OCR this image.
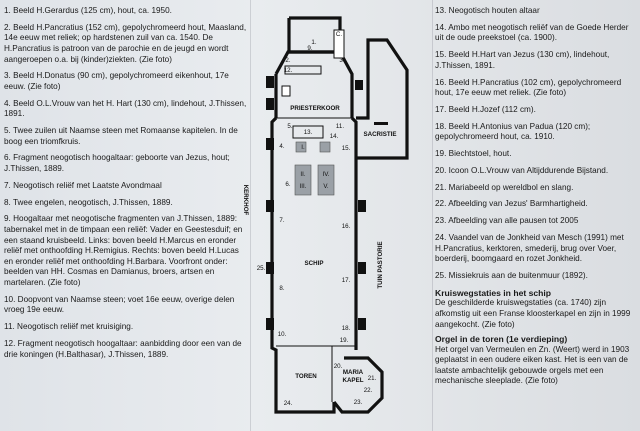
1. Beeld H.Gerardus (125 cm), hout, ca. 1950.

2. Beeld H.Pancratius (152 cm), gepolychromeerd hout, Maasland, 14e eeuw met reliek; op hardstenen zuil van ca. 1540. De H.Pancratius is patroon van de parochie en de jeugd en wordt aangeroepen o.a. bij (kinder)ziekten. (Zie foto)

3. Beeld H.Donatus (90 cm), gepolychromeerd eikenhout, 17e eeuw. (Zie foto)

4. Beeld O.L.Vrouw van het H. Hart (130 cm), lindehout, J.Thissen, 1891.

5. Twee zuilen uit Naamse steen met Romaanse kapitelen. In de boog een triomfkruis.

6. Fragment neogotisch hoogaltaar: geboorte van Jezus, hout; J.Thissen, 1889.

7. Neogotisch reliëf met Laatste Avondmaal

8. Twee engelen, neogotisch, J.Thissen, 1889.

9. Hoogaltaar met neogotische fragmenten van J.Thissen, 1889: tabernakel met in de timpaan een reliëf: Vader en Geestesduif; en een staand kruisbeeld. Links: boven beeld H.Marcus en eronder reliëf met onthoofding H.Remigius. Rechts: boven beeld H.Lucas en eronder reliëf met onthoofding H.Barbara. Voorfront onder: beelden van HH. Cosmas en Damianus, broers, artsen en martelaren. (Zie foto)

10. Doopvont van Naamse steen; voet 16e eeuw, overige delen vroeg 19e eeuw.

11. Neogotisch reliëf met kruisiging.

12. Fragment neogotisch hoogaltaar: aanbidding door een van de drie koningen (H.Balthasar), J.Thissen, 1889.

PRIESTERKOOR
SACRISTIE
SCHIP
TOREN
MARIA
KAPEL
KERKHOF
TUIN PASTORIE
1.
2.	3.
4.
5.
6.
7.
8.
9.
10.
11.
12.
13.
14.
15.
16.
17.
18.
19.
20.
21.
22.
23.
24.
25.
I.
II.
III.
IV.
V.
C.

13. Neogotisch houten altaar

14. Ambo met neogotisch reliëf van de Goede Herder uit de oude preekstoel (ca. 1900).

15. Beeld H.Hart van Jezus (130 cm), lindehout, J.Thissen, 1891.

16. Beeld H.Pancratius (102 cm), gepolychromeerd hout, 17e eeuw met reliek. (Zie foto)

17. Beeld H.Jozef (112 cm).

18. Beeld H.Antonius van Padua (120 cm); gepolychromeerd hout, ca. 1910.

19. Biechtstoel, hout.

20. Icoon O.L.Vrouw van Altijddurende Bijstand.

21. Mariabeeld op wereldbol en slang.

22. Afbeelding van Jezus' Barmhartigheid.

23. Afbeelding van alle pausen tot 2005

24. Vaandel van de Jonkheid van Mesch (1991) met H.Pancratius, kerktoren, smederij, brug over Voer, boerderij, boomgaard en rozet Jonkheid.

25. Missiekruis aan de buitenmuur (1892).

Kruiswegstaties in het schip
De geschilderde kruiswegstaties (ca. 1740) zijn afkomstig uit een Franse kloosterkapel en zijn in 1999 aangekocht. (Zie foto)
Orgel in de toren (1e verdieping)
Het orgel van Vermeulen en Zn. (Weert) werd in 1903 geplaatst in een oudere eiken kast. Het is een van de laatste ambachtelijk gebouwde orgels met een mechanische sleeplade. (Zie foto)
